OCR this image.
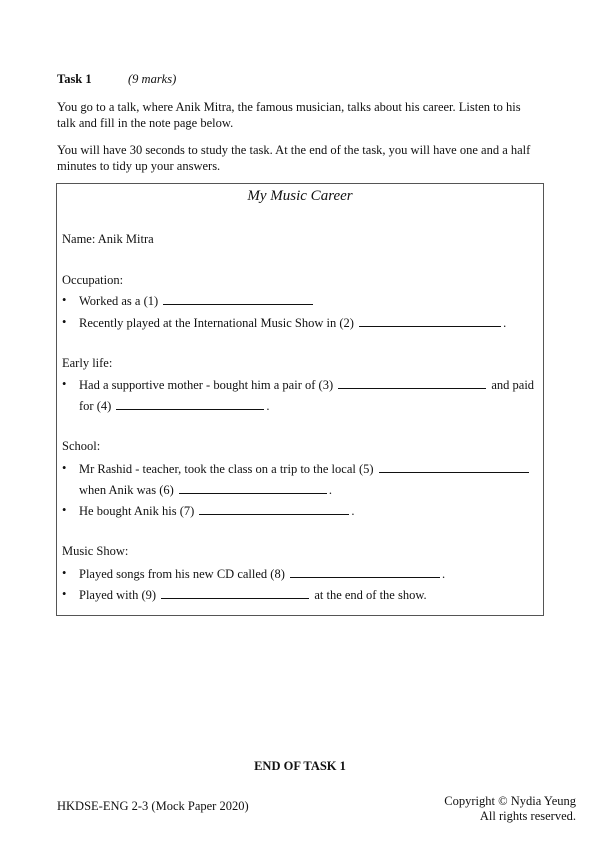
Task 1	(9 marks)
You go to a talk, where Anik Mitra, the famous musician, talks about his career. Listen to his talk and fill in the note page below.
You will have 30 seconds to study the task. At the end of the task, you will have one and a half minutes to tidy up your answers.
My Music Career
Name: Anik Mitra
Occupation:
• Worked as a (1)
• Recently played at the International Music Show in (2)	.
Early life:
• Had a supportive mother - bought him a pair of (3)	and paid
for (4)	.
School:
• Mr Rashid - teacher, took the class on a trip to the local (5)
when Anik was (6)	.
• He bought Anik his (7)	.
Music Show:
• Played songs from his new CD called (8)	.
• Played with (9)	at the end of the show.
END OF TASK 1
HKDSE-ENG 2-3 (Mock Paper 2020)	Copyright © Nydia Yeung
All rights reserved.
